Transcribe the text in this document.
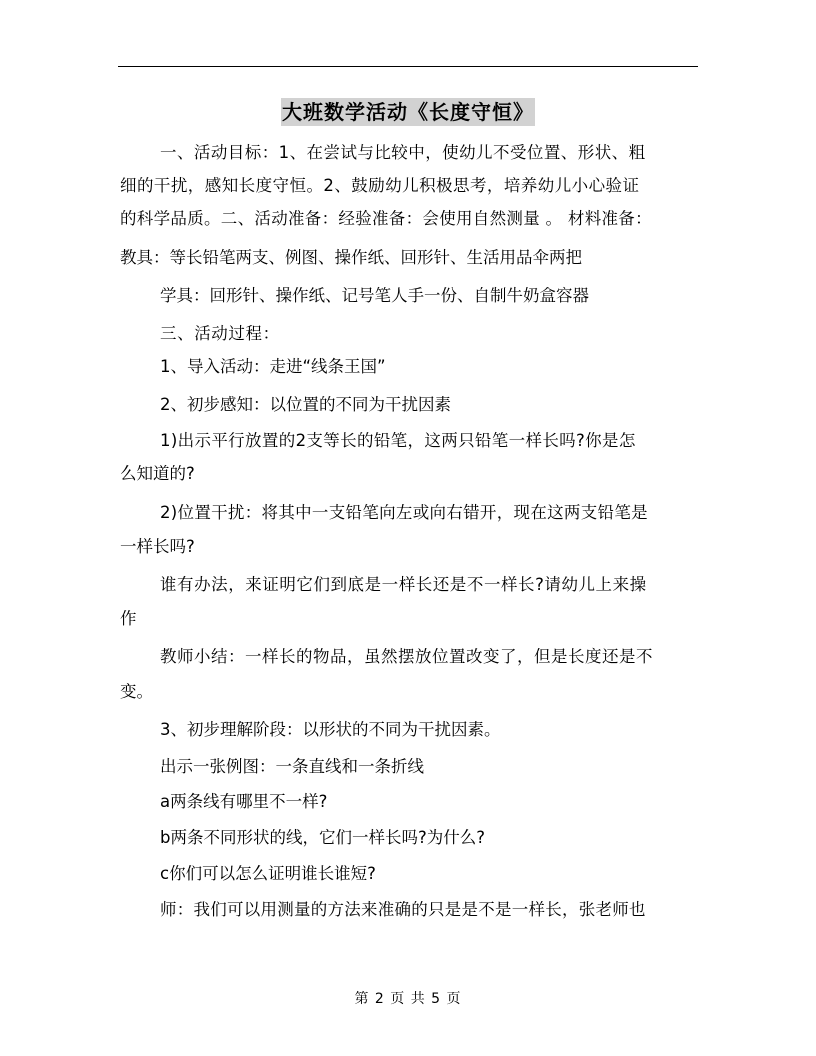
大班数学活动《长度守恒》

一、活动目标：1、在尝试与比较中，使幼儿不受位置、形状、粗

细的干扰，感知长度守恒。2、鼓励幼儿积极思考，培养幼儿小心验证

的科学品质。二、活动准备：经验准备：会使用自然测量 。 材料准备：

教具：等长铅笔两支、例图、操作纸、回形针、生活用品伞两把

学具：回形针、操作纸、记号笔人手一份、自制牛奶盒容器

三、活动过程：

1、导入活动：走进“线条王国”

2、初步感知：以位置的不同为干扰因素

1)出示平行放置的2支等长的铅笔，这两只铅笔一样长吗?你是怎

么知道的?

2)位置干扰：将其中一支铅笔向左或向右错开，现在这两支铅笔是

一样长吗?

谁有办法，来证明它们到底是一样长还是不一样长?请幼儿上来操

作

教师小结：一样长的物品，虽然摆放位置改变了，但是长度还是不

变。

3、初步理解阶段：以形状的不同为干扰因素。

出示一张例图：一条直线和一条折线

a两条线有哪里不一样?

b两条不同形状的线，它们一样长吗?为什么?

c你们可以怎么证明谁长谁短?

师：我们可以用测量的方法来准确的只是是不是一样长，张老师也

第 2 页 共 5 页
